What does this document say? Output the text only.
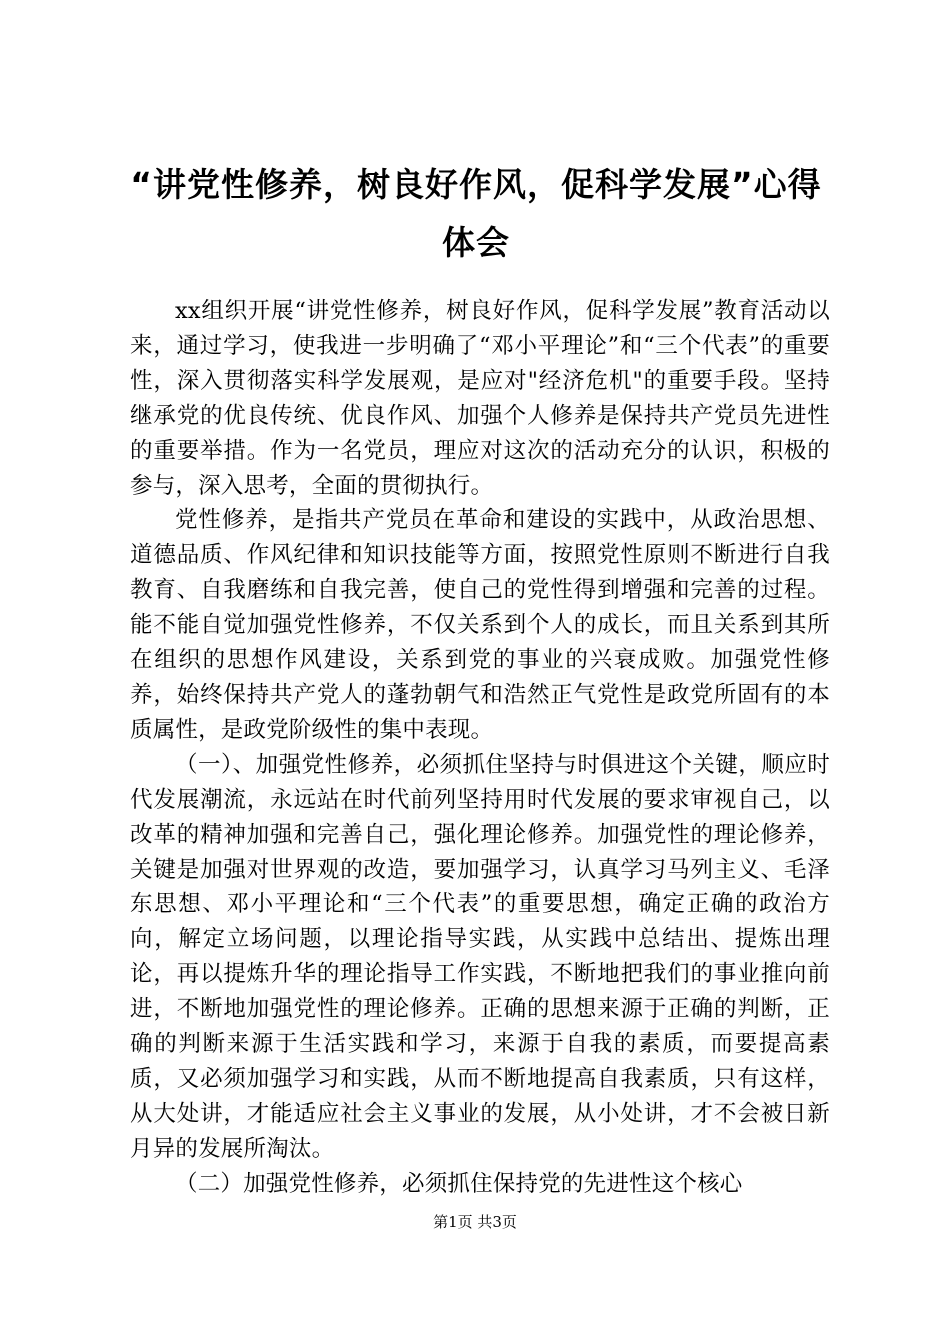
“讲党性修养，树良好作风，促科学发展”心得体会

xx组织开展“讲党性修养，树良好作风，促科学发展”教育活动以来，通过学习，使我进一步明确了“邓小平理论”和“三个代表”的重要性，深入贯彻落实科学发展观，是应对"经济危机"的重要手段。坚持继承党的优良传统、优良作风、加强个人修养是保持共产党员先进性的重要举措。作为一名党员，理应对这次的活动充分的认识，积极的参与，深入思考，全面的贯彻执行。

党性修养，是指共产党员在革命和建设的实践中，从政治思想、道德品质、作风纪律和知识技能等方面，按照党性原则不断进行自我教育、自我磨练和自我完善，使自己的党性得到增强和完善的过程。能不能自觉加强党性修养，不仅关系到个人的成长，而且关系到其所在组织的思想作风建设，关系到党的事业的兴衰成败。加强党性修养，始终保持共产党人的蓬勃朝气和浩然正气党性是政党所固有的本质属性，是政党阶级性的集中表现。

（一）、加强党性修养，必须抓住坚持与时俱进这个关键，顺应时代发展潮流，永远站在时代前列坚持用时代发展的要求审视自己，以改革的精神加强和完善自己，强化理论修养。加强党性的理论修养，关键是加强对世界观的改造，要加强学习，认真学习马列主义、毛泽东思想、邓小平理论和“三个代表”的重要思想，确定正确的政治方向，解定立场问题，以理论指导实践，从实践中总结出、提炼出理论，再以提炼升华的理论指导工作实践，不断地把我们的事业推向前进，不断地加强党性的理论修养。正确的思想来源于正确的判断，正确的判断来源于生活实践和学习，来源于自我的素质，而要提高素质，又必须加强学习和实践，从而不断地提高自我素质，只有这样，从大处讲，才能适应社会主义事业的发展，从小处讲，才不会被日新月异的发展所淘汰。

（二）加强党性修养，必须抓住保持党的先进性这个核心

第1页 共3页
